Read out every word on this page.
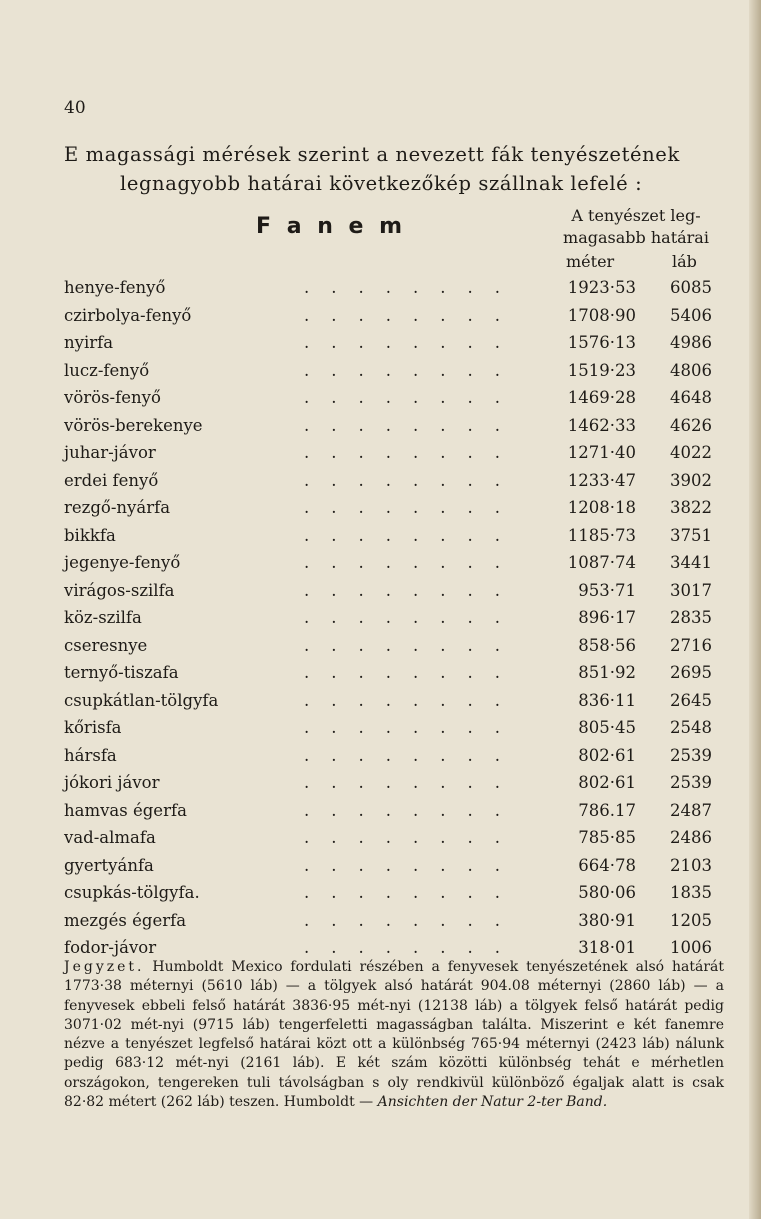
40
E magassági mérések szerint a nevezett fák tenyészetének
legnagyobb határai következőkép szállnak lefelé :
F a n e m	A tenyészet leg-magasabb határai
méter	láb
henye-fenyő	........	1923·53	6085
czirbolya-fenyő	........	1708·90	5406
nyirfa	........	1576·13	4986
lucz-fenyő	........	1519·23	4806
vörös-fenyő	........	1469·28	4648
vörös-berekenye	........	1462·33	4626
juhar-jávor	........	1271·40	4022
erdei fenyő	........	1233·47	3902
rezgő-nyárfa	........	1208·18	3822
bikkfa	........	1185·73	3751
jegenye-fenyő	........	1087·74	3441
virágos-szilfa	........	953·71	3017
köz-szilfa	........	896·17	2835
cseresnye	........	858·56	2716
ternyő-tiszafa	........	851·92	2695
csupkátlan-tölgyfa	........	836·11	2645
kőrisfa	........	805·45	2548
hársfa	........	802·61	2539
jókori jávor	........	802·61	2539
hamvas égerfa	........	786.17	2487
vad-almafa	........	785·85	2486
gyertyánfa	........	664·78	2103
csupkás-tölgyfa.	........	580·06	1835
mezgés égerfa	........	380·91	1205
fodor-jávor	........	318·01	1006
Jegyzet. Humboldt Mexico fordulati részében a fenyvesek tenyészetének alsó határát 1773·38 méternyi (5610 láb) — a tölgyek alsó határát 904.08 méternyi (2860 láb) — a fenyvesek ebbeli felső határát 3836·95 mét-nyi (12138 láb) a tölgyek felső határát pedig 3071·02 mét-nyi (9715 láb) tengerfeletti magasságban találta. Miszerint e két fanemre nézve a tenyészet legfelső határai közt ott a különbség 765·94 méternyi (2423 láb) nálunk pedig 683·12 mét-nyi (2161 láb). E két szám közötti különbség tehát e mérhetlen országokon, tengereken tuli távolságban s oly rendkivül különböző égaljak alatt is csak 82·82 métert (262 láb) teszen. Humboldt — Ansichten der Natur 2-ter Band.
